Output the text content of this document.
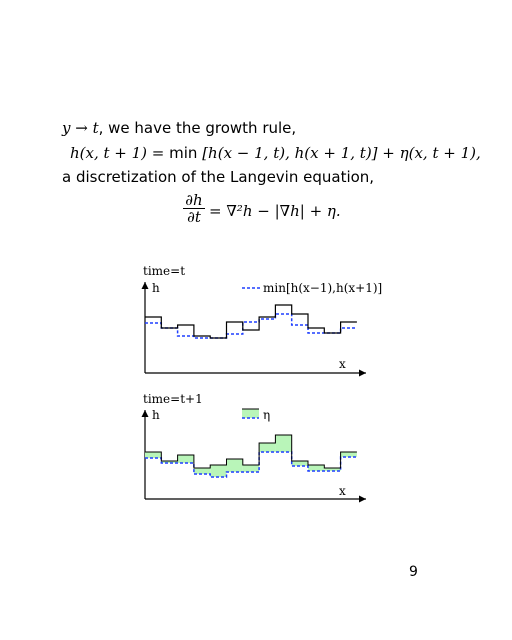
y → t, we have the growth rule,
h(x, t + 1) = min [h(x − 1, t), h(x + 1, t)] + η(x, t + 1),
a discretization of the Langevin equation,
$\frac{\partial h}{\partial t} = \nabla^2h - |\nabla h| + \eta$.
time=t
h	min[h(x−1),h(x+1)]
x
time=t+1
h	η
x
9
